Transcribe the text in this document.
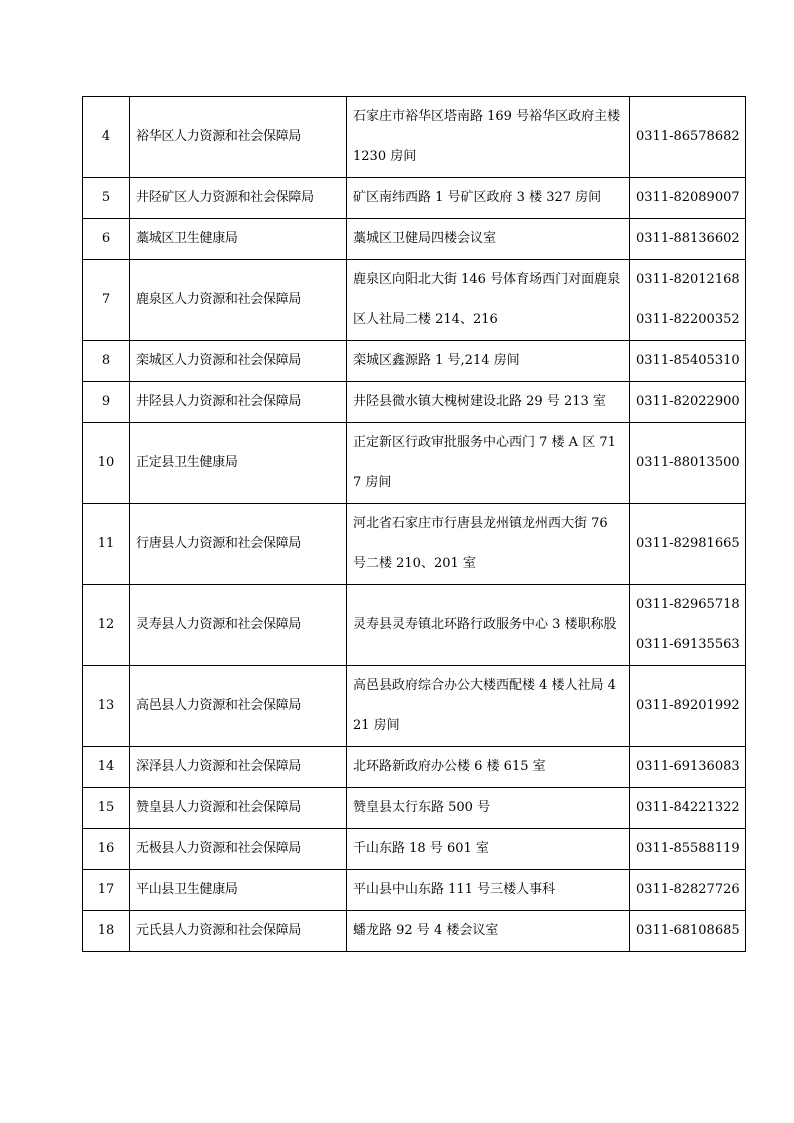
4	裕华区人力资源和社会保障局	石家庄市裕华区塔南路 169 号裕华区政府主楼 1230 房间	0311-86578682

5	井陉矿区人力资源和社会保障局	矿区南纬西路 1 号矿区政府 3 楼 327 房间	0311-82089007

6	藁城区卫生健康局	藁城区卫健局四楼会议室	0311-88136602

7	鹿泉区人力资源和社会保障局	鹿泉区向阳北大街 146 号体育场西门对面鹿泉区人社局二楼 214、216	0311-82012168
0311-82200352

8	栾城区人力资源和社会保障局	栾城区鑫源路 1 号,214 房间	0311-85405310

9	井陉县人力资源和社会保障局	井陉县微水镇大槐树建设北路 29 号 213 室	0311-82022900

10	正定县卫生健康局	正定新区行政审批服务中心西门 7 楼 A 区 717 房间	0311-88013500

11	行唐县人力资源和社会保障局	河北省石家庄市行唐县龙州镇龙州西大街 76 号二楼 210、201 室	0311-82981665

12	灵寿县人力资源和社会保障局	灵寿县灵寿镇北环路行政服务中心 3 楼职称股	0311-82965718
0311-69135563

13	高邑县人力资源和社会保障局	高邑县政府综合办公大楼西配楼 4 楼人社局 421 房间	0311-89201992

14	深泽县人力资源和社会保障局	北环路新政府办公楼 6 楼 615 室	0311-69136083

15	赞皇县人力资源和社会保障局	赞皇县太行东路 500 号	0311-84221322

16	无极县人力资源和社会保障局	千山东路 18 号 601 室	0311-85588119

17	平山县卫生健康局	平山县中山东路 111 号三楼人事科	0311-82827726

18	元氏县人力资源和社会保障局	蟠龙路 92 号 4 楼会议室	0311-68108685
